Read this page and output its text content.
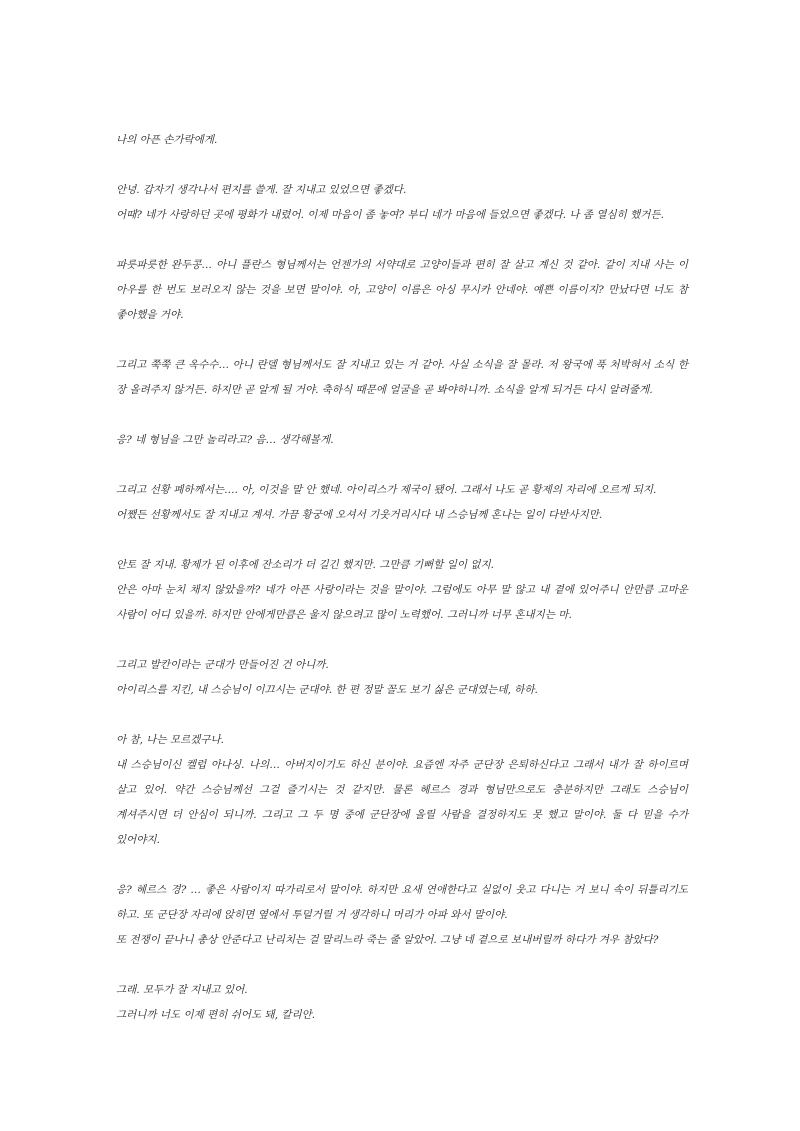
나의 아픈 손가락에게.
안녕. 갑자기 생각나서 편지를 쓸게. 잘 지내고 있었으면 좋겠다.
어때? 네가 사랑하던 곳에 평화가 내렸어. 이제 마음이 좀 놓여? 부디 네가 마음에 들었으면 좋겠다. 나 좀 열심히 했거든.
파릇파릇한 완두콩… 아니 플란스 형님께서는 언젠가의 서약대로 고양이들과 편히 잘 살고 계신 것 같아. 같이 지내 사는 이 아우를 한 번도 보러오지 않는 것을 보면 말이야. 아, 고양이 이름은 아싱 무시카 안네야. 예쁜 이름이지? 만났다면 너도 참 좋아했을 거야.
그리고 쭉쭉 큰 옥수수… 아니 란델 형님께서도 잘 지내고 있는 거 같아. 사실 소식을 잘 몰라. 저 왕국에 푹 처박혀서 소식 한 장 올려주지 않거든. 하지만 곧 알게 될 거야. 축하식 때문에 얼굴을 곧 봐야하니까. 소식을 알게 되거든 다시 알려줄게.
응? 네 형님을 그만 놀리라고? 음… 생각해볼게.
그리고 선황 폐하께서는…. 아, 이것을 말 안 했네. 아이리스가 제국이 됐어. 그래서 나도 곧 황제의 자리에 오르게 되지.
어쨌든 선황께서도 잘 지내고 계셔. 가끔 황궁에 오셔서 기웃거리시다 내 스승님께 혼나는 일이 다반사지만.
안토 잘 지내. 황제가 된 이후에 잔소리가 더 길긴 했지만. 그만큼 기뻐할 일이 없지.
안은 아마 눈치 채지 않았을까? 네가 아픈 사랑이라는 것을 말이야. 그럼에도 아무 말 않고 내 곁에 있어주니 안만큼 고마운 사람이 어디 있을까. 하지만 안에게만큼은 울지 않으려고 많이 노력했어. 그러니까 너무 혼내지는 마.
그리고 발칸이라는 군대가 만들어진 건 아니까.
아이리스를 지킨, 내 스승님이 이끄시는 군대야. 한 편 정말 꼴도 보기 싫은 군대였는데, 하하.
아 참, 나는 모르겠구나.
내 스승님이신 켈럽 아나싱. 나의… 아버지이기도 하신 분이야. 요즘엔 자주 군단장 은퇴하신다고 그래서 내가 잘 하이르며 살고 있어. 약간 스승님께선 그걸 즐기시는 것 같지만. 물론 헤르스 경과 형님만으로도 충분하지만 그래도 스승님이 계셔주시면 더 안심이 되니까. 그리고 그 두 명 중에 군단장에 올릴 사람을 결정하지도 못 했고 말이야. 둘 다 믿을 수가 있어야지.
응? 헤르스 경? … 좋은 사람이지 따가리로서 말이야. 하지만 요새 연애한다고 실없이 웃고 다니는 거 보니 속이 뒤틀리기도 하고. 또 군단장 자리에 앉히면 옆에서 투덜거릴 거 생각하니 머리가 아파 와서 말이야.
또 전쟁이 끝나니 총상 안준다고 난리치는 걸 말리느라 죽는 줄 알았어. 그냥 네 곁으로 보내버릴까 하다가 겨우 참았다?
그래. 모두가 잘 지내고 있어.
그러니까 너도 이제 편히 쉬어도 돼, 칼리안.
